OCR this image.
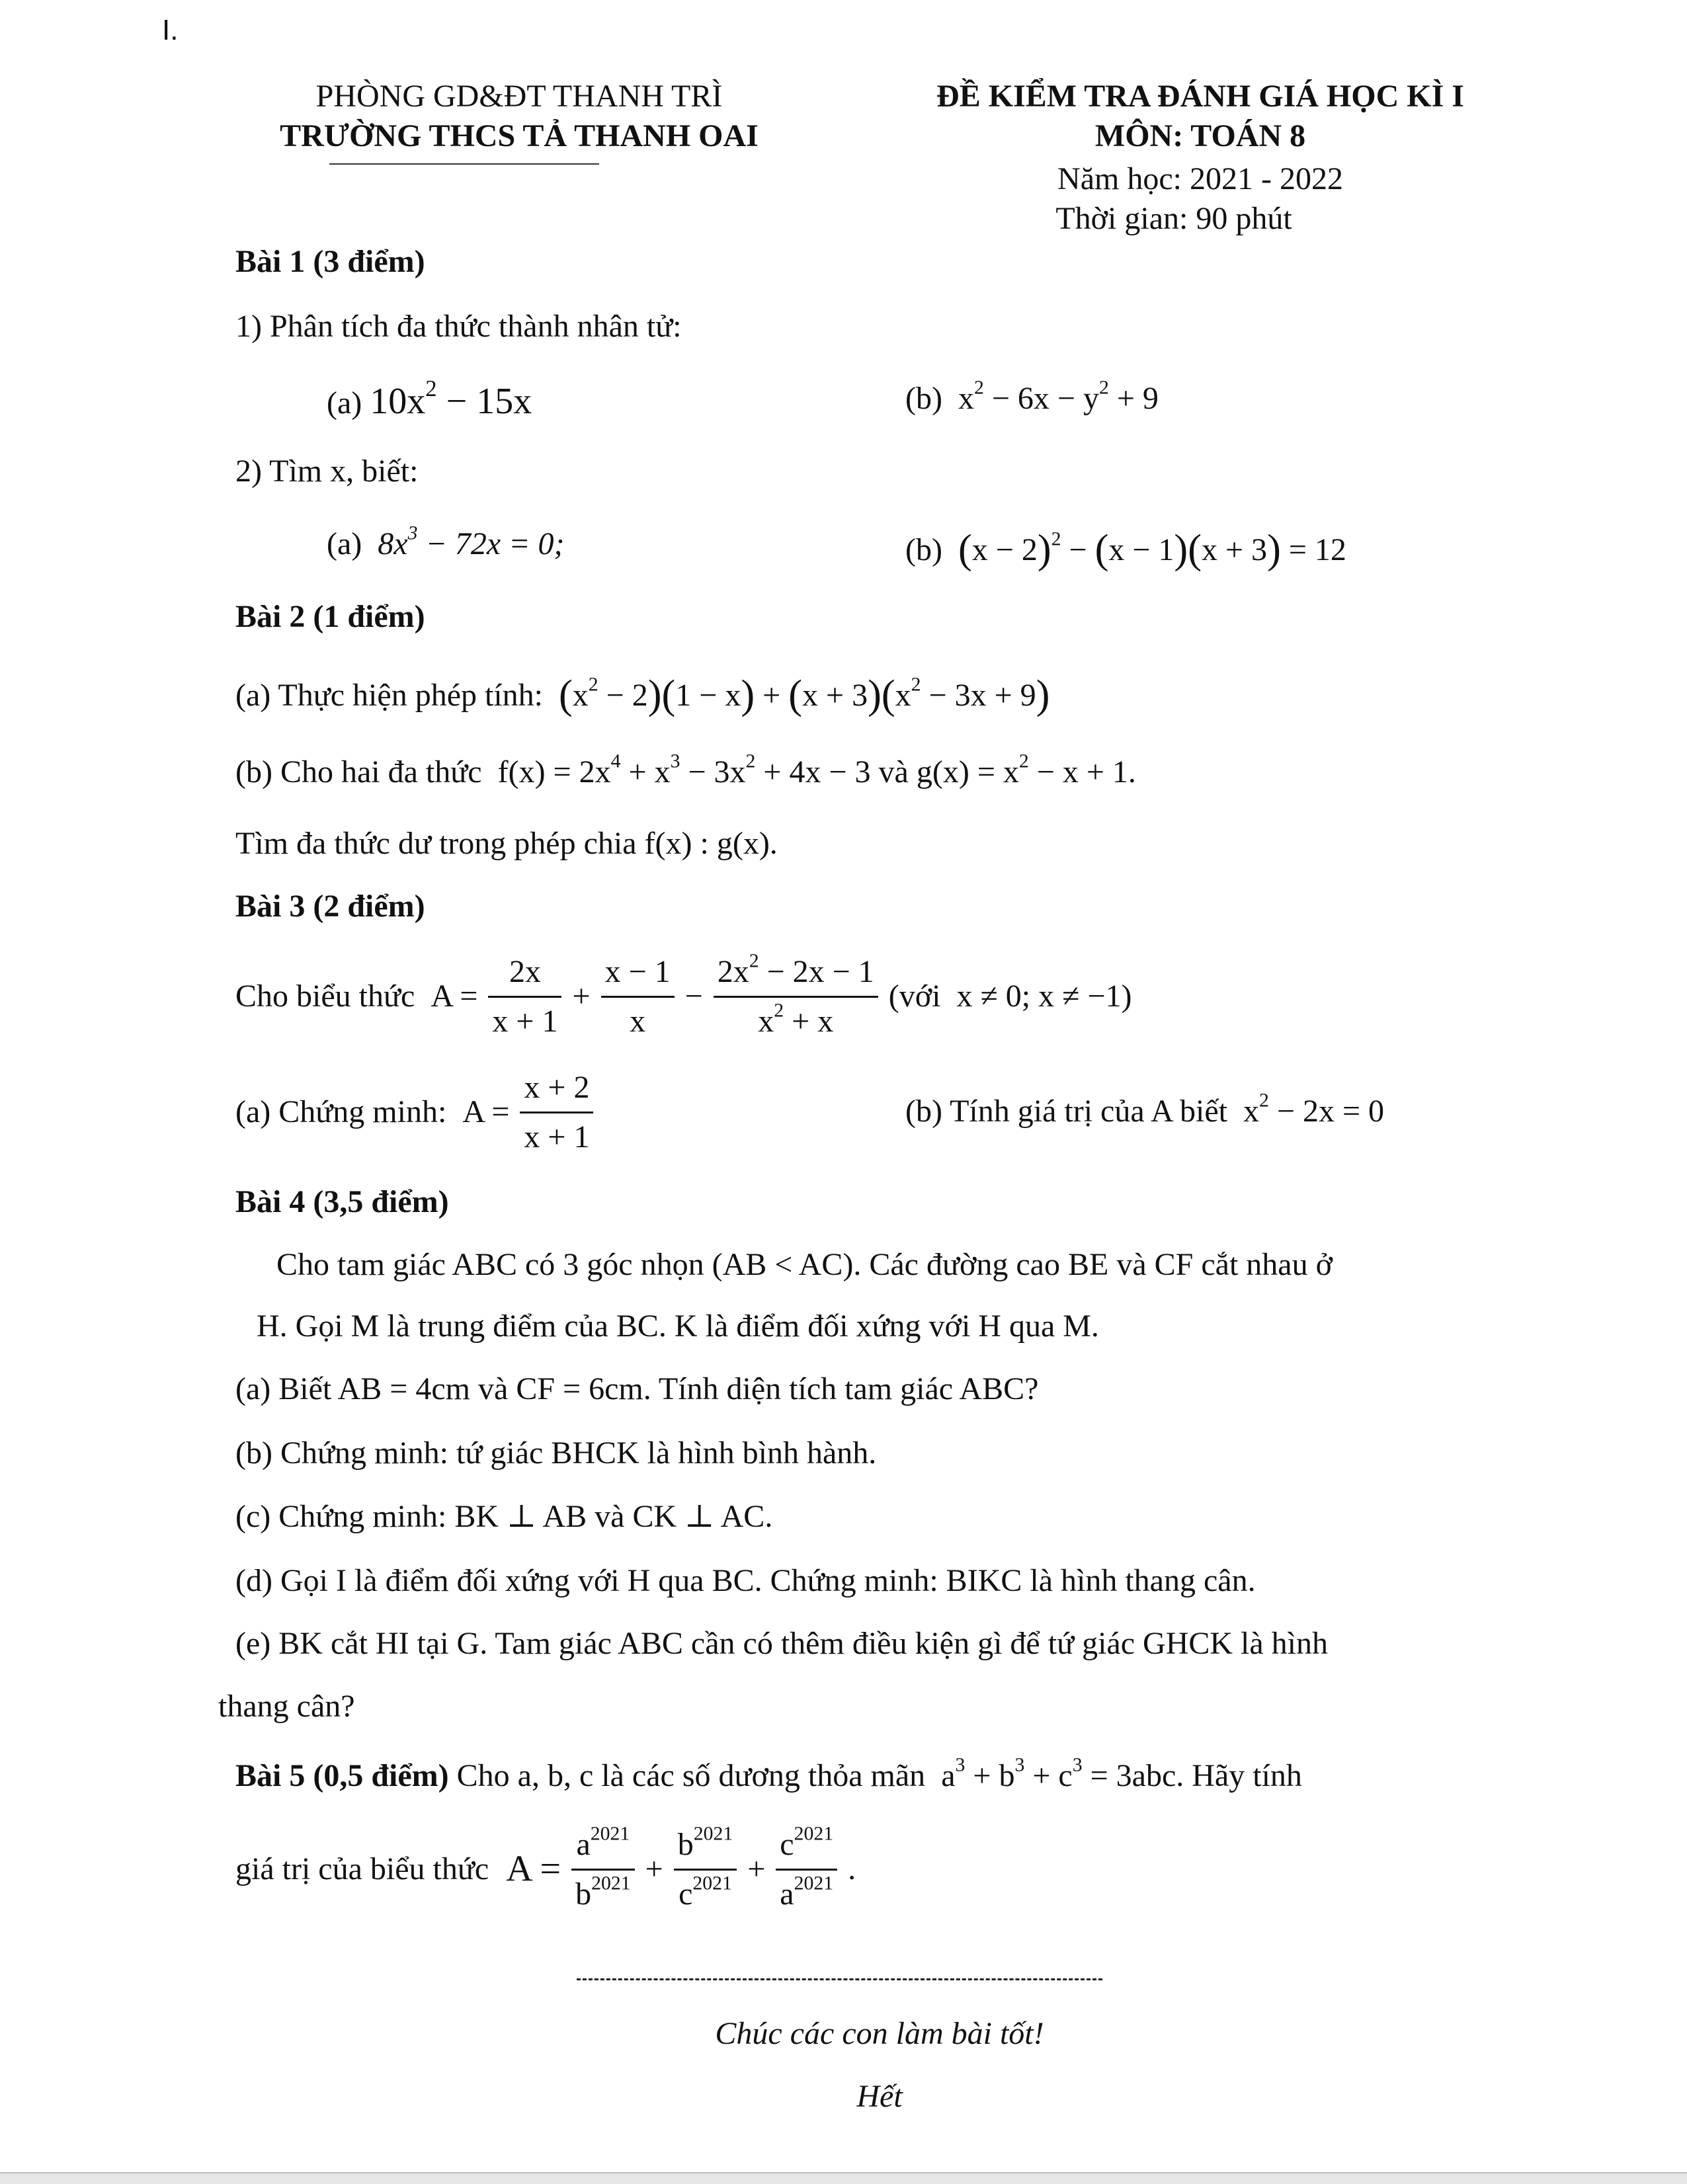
I.
PHÒNG GD&ĐT THANH TRÌ
TRƯỜNG THCS TẢ THANH OAI
ĐỀ KIỂM TRA ĐÁNH GIÁ HỌC KÌ I
MÔN: TOÁN 8
Năm học: 2021 - 2022
Thời gian: 90 phút
Bài 1 (3 điểm)
1) Phân tích đa thức thành nhân tử:
(a) $10x^2 - 15x$	(b)  $x^2 - 6x - y^2 + 9$
2) Tìm x, biết:
(a)  $8x^3 - 72x = 0$;	(b) $(x - 2)^2 - (x - 1)(x + 3) = 12$
Bài 2 (1 điểm)
(a) Thực hiện phép tính: $(x^2 - 2)(1 - x) + (x + 3)(x^2 - 3x + 9)$
(b) Cho hai đa thức  $f(x) = 2x^4 + x^3 - 3x^2 + 4x - 3$ và $g(x) = x^2 - x + 1$.
Tìm đa thức dư trong phép chia f(x) : g(x).
Bài 3 (2 điểm)
Cho biểu thức  $A = \frac{2x}{x + 1} + \frac{x - 1}{x} - \frac{2x^2 - 2x - 1}{x^2 + x}$ (với  x ≠ 0; x ≠ −1)
(a) Chứng minh:  $A = \frac{x + 2}{x + 1}$	(b) Tính giá trị của A biết  $x^2 - 2x = 0$
Bài 4 (3,5 điểm)
Cho tam giác ABC có 3 góc nhọn (AB < AC). Các đường cao BE và CF cắt nhau ở
H. Gọi M là trung điểm của BC. K là điểm đối xứng với H qua M.
(a) Biết AB = 4cm và CF = 6cm. Tính diện tích tam giác ABC?
(b) Chứng minh: tứ giác BHCK là hình bình hành.
(c) Chứng minh: BK ⊥ AB và CK ⊥ AC.
(d) Gọi I là điểm đối xứng với H qua BC. Chứng minh: BIKC là hình thang cân.
(e) BK cắt HI tại G. Tam giác ABC cần có thêm điều kiện gì để tứ giác GHCK là hình
thang cân?
Bài 5 (0,5 điểm) Cho a, b, c là các số dương thỏa mãn  $a^3 + b^3 + c^3 = 3abc$. Hãy tính
giá trị của biểu thức  $A = \frac{a^{2021}}{b^{2021}} + \frac{b^{2021}}{c^{2021}} + \frac{c^{2021}}{a^{2021}}$ .
Chúc các con làm bài tốt!
Hết
